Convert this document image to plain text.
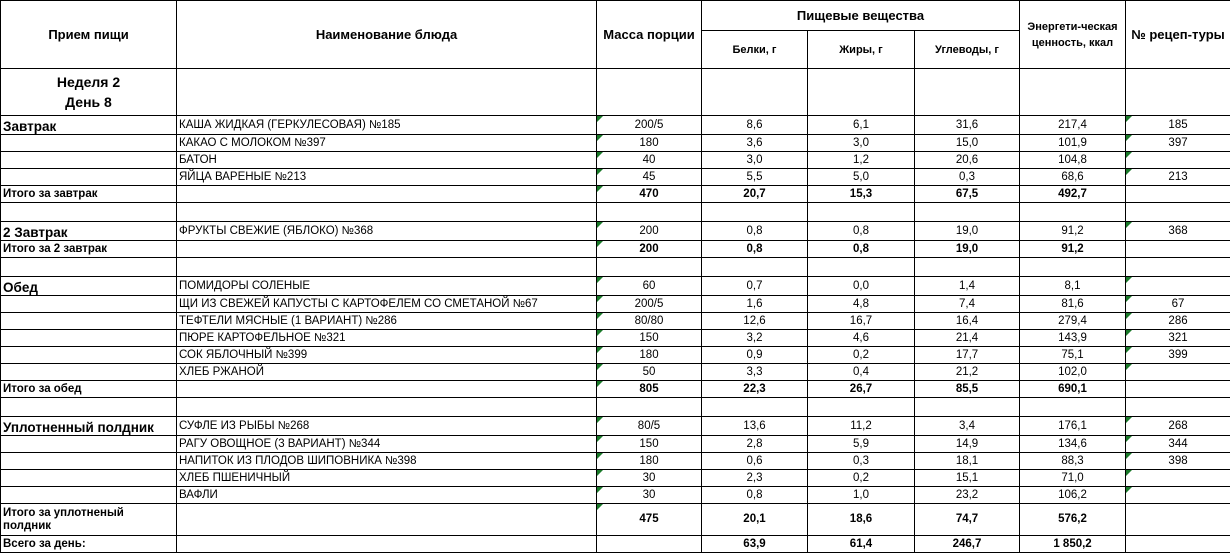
Прием пищи	Наименование блюда	Масса порции	Пищевые вещества			Энергети-ческая ценность, ккал	№ рецеп-туры
			Белки, г	Жиры, г	Углеводы, г		

Неделя 2
День 8							

Завтрак	КАША ЖИДКАЯ (ГЕРКУЛЕСОВАЯ) №185	200/5	8,6	6,1	31,6	217,4	185
	КАКАО С МОЛОКОМ №397	180	3,6	3,0	15,0	101,9	397
	БАТОН	40	3,0	1,2	20,6	104,8	
	ЯЙЦА ВАРЕНЫЕ №213	45	5,5	5,0	0,3	68,6	213
Итого за завтрак		470	20,7	15,3	67,5	492,7	

2 Завтрак	ФРУКТЫ СВЕЖИЕ (ЯБЛОКО) №368	200	0,8	0,8	19,0	91,2	368
Итого за 2 завтрак		200	0,8	0,8	19,0	91,2	

Обед	ПОМИДОРЫ СОЛЕНЫЕ	60	0,7	0,0	1,4	8,1	
	ЩИ ИЗ СВЕЖЕЙ КАПУСТЫ С КАРТОФЕЛЕМ СО СМЕТАНОЙ №67	200/5	1,6	4,8	7,4	81,6	67
	ТЕФТЕЛИ МЯСНЫЕ (1 ВАРИАНТ) №286	80/80	12,6	16,7	16,4	279,4	286
	ПЮРЕ КАРТОФЕЛЬНОЕ №321	150	3,2	4,6	21,4	143,9	321
	СОК ЯБЛОЧНЫЙ №399	180	0,9	0,2	17,7	75,1	399
	ХЛЕБ РЖАНОЙ	50	3,3	0,4	21,2	102,0	
Итого за обед		805	22,3	26,7	85,5	690,1	

Уплотненный полдник	СУФЛЕ ИЗ РЫБЫ №268	80/5	13,6	11,2	3,4	176,1	268
	РАГУ ОВОЩНОЕ (3 ВАРИАНТ) №344	150	2,8	5,9	14,9	134,6	344
	НАПИТОК ИЗ ПЛОДОВ ШИПОВНИКА №398	180	0,6	0,3	18,1	88,3	398
	ХЛЕБ ПШЕНИЧНЫЙ	30	2,3	0,2	15,1	71,0	
	ВАФЛИ	30	0,8	1,0	23,2	106,2	
Итого за уплотненый полдник		475	20,1	18,6	74,7	576,2	
Всего за день:			63,9	61,4	246,7	1 850,2	
